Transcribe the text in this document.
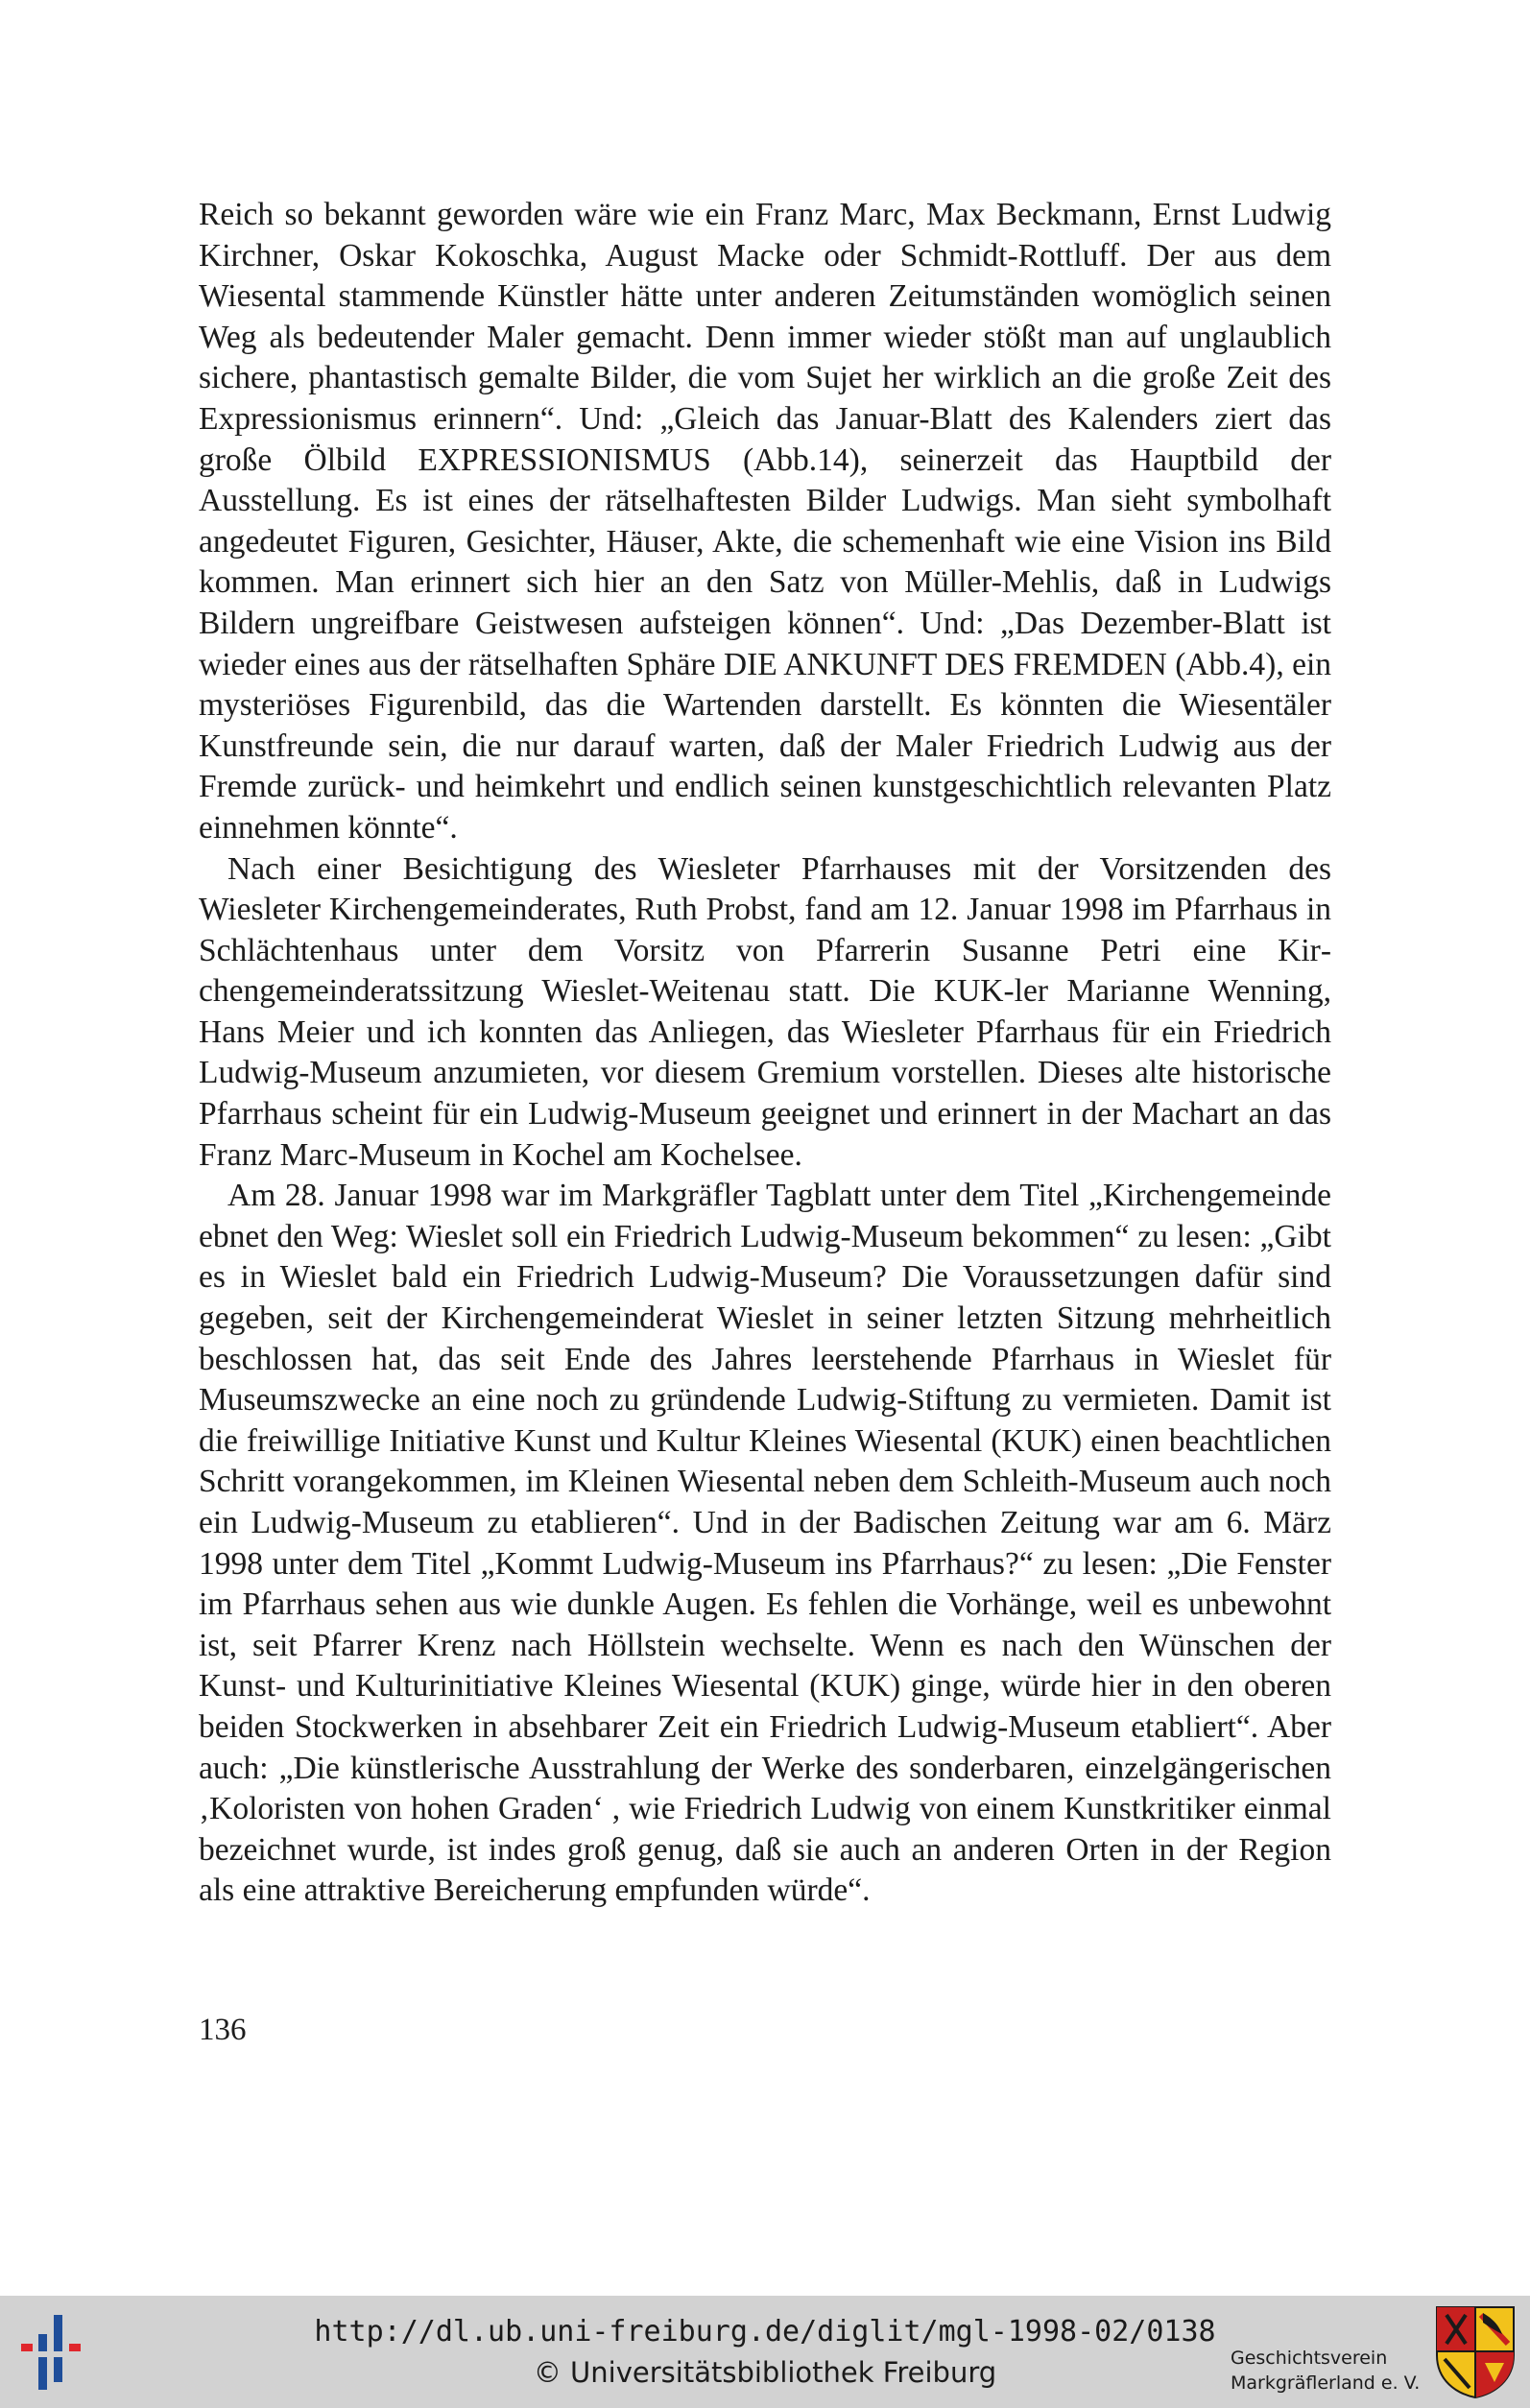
Reich so bekannt geworden wäre wie ein Franz Marc, Max Beckmann, Ernst Ludwig Kirchner, Oskar Kokoschka, August Macke oder Schmidt-Rottluff. Der aus dem Wiesental stammende Künstler hätte unter anderen Zeitumständen womöglich seinen Weg als bedeutender Maler gemacht. Denn immer wieder stößt man auf unglaublich sichere, phantastisch gemalte Bilder, die vom Sujet her wirklich an die große Zeit des Expressionismus erinnern“. Und: „Gleich das Januar-Blatt des Kalenders ziert das große Ölbild EXPRESSIONISMUS (Abb.14), seinerzeit das Hauptbild der Ausstellung. Es ist eines der rätselhaftesten Bilder Ludwigs. Man sieht symbolhaft angedeutet Figuren, Gesichter, Häuser, Akte, die schemenhaft wie eine Vision ins Bild kommen. Man erinnert sich hier an den Satz von Müller-Mehlis, daß in Ludwigs Bildern ungreifbare Geistwesen aufsteigen können“. Und: „Das Dezember-Blatt ist wieder eines aus der rätselhaften Sphäre DIE ANKUNFT DES FREMDEN (Abb.4), ein mysteriöses Figurenbild, das die Wartenden darstellt. Es könnten die Wiesentäler Kunstfreunde sein, die nur darauf warten, daß der Maler Friedrich Ludwig aus der Fremde zurück- und heimkehrt und endlich seinen kunstgeschichtlich relevanten Platz einnehmen könnte“.

Nach einer Besichtigung des Wiesleter Pfarrhauses mit der Vorsitzenden des Wiesleter Kirchengemeinderates, Ruth Probst, fand am 12. Januar 1998 im Pfarrhaus in Schlächtenhaus unter dem Vorsitz von Pfarrerin Susanne Petri eine Kirchengemeinderatssitzung Wieslet-Weitenau statt. Die KUK-ler Marianne Wenning, Hans Meier und ich konnten das Anliegen, das Wiesleter Pfarrhaus für ein Friedrich Ludwig-Museum anzumieten, vor diesem Gremium vorstellen. Dieses alte historische Pfarrhaus scheint für ein Ludwig-Museum geeignet und erinnert in der Machart an das Franz Marc-Museum in Kochel am Kochelsee.

Am 28. Januar 1998 war im Markgräfler Tagblatt unter dem Titel „Kirchengemeinde ebnet den Weg: Wieslet soll ein Friedrich Ludwig-Museum bekommen“ zu lesen: „Gibt es in Wieslet bald ein Friedrich Ludwig-Museum? Die Voraussetzungen dafür sind gegeben, seit der Kirchengemeinderat Wieslet in seiner letzten Sitzung mehrheitlich beschlossen hat, das seit Ende des Jahres leerstehende Pfarrhaus in Wieslet für Museumszwecke an eine noch zu gründende Ludwig-Stiftung zu vermieten. Damit ist die freiwillige Initiative Kunst und Kultur Kleines Wiesental (KUK) einen beachtlichen Schritt vorangekommen, im Kleinen Wiesental neben dem Schleith-Museum auch noch ein Ludwig-Museum zu etablieren“. Und in der Badischen Zeitung war am 6. März 1998 unter dem Titel „Kommt Ludwig-Museum ins Pfarrhaus?“ zu lesen: „Die Fenster im Pfarrhaus sehen aus wie dunkle Augen. Es fehlen die Vorhänge, weil es unbewohnt ist, seit Pfarrer Krenz nach Höllstein wechselte. Wenn es nach den Wünschen der Kunst- und Kulturinitiative Kleines Wiesental (KUK) ginge, würde hier in den oberen beiden Stockwerken in absehbarer Zeit ein Friedrich Ludwig-Museum etabliert“. Aber auch: „Die künstlerische Ausstrahlung der Werke des sonderbaren, einzelgängerischen ‚Koloristen von hohen Graden‘ , wie Friedrich Ludwig von einem Kunstkritiker einmal bezeichnet wurde, ist indes groß genug, daß sie auch an anderen Orten in der Region als eine attraktive Bereicherung empfunden würde“.

136

http://dl.ub.uni-freiburg.de/diglit/mgl-1998-02/0138
© Universitätsbibliothek Freiburg	Geschichtsverein
Markgräflerland e. V.
